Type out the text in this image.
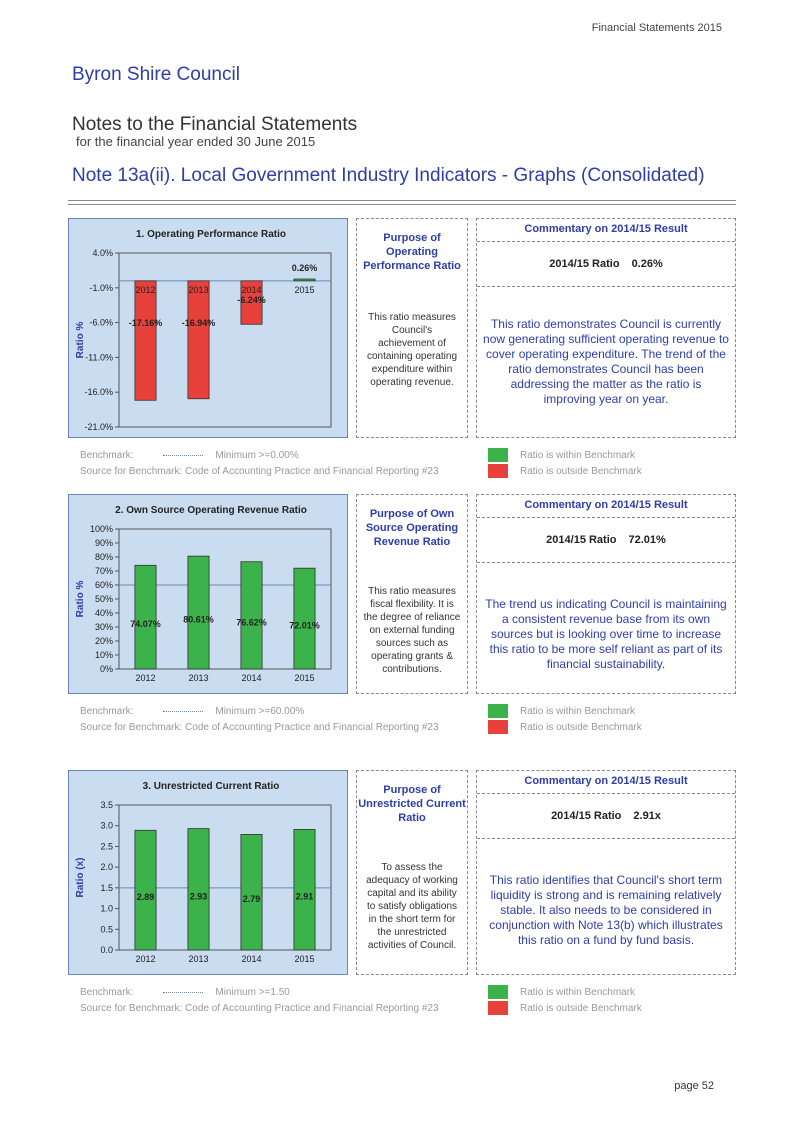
Financial Statements 2015
Byron Shire Council
Notes to the Financial Statements
for the financial year ended 30 June 2015
Note 13a(ii). Local Government Industry Indicators - Graphs (Consolidated)
1. Operating Performance Ratio
4.0%
-1.0%
-6.0%
-11.0%
-16.0%
-21.0%
Ratio %
2012
-17.16%
2013
-16.94%
2014
-6.24%
2015
0.26%
Purpose of Operating Performance Ratio
This ratio measures Council's achievement of containing operating expenditure within operating revenue.
Commentary on 2014/15 Result
2014/15 Ratio 0.26%
This ratio demonstrates Council is currently now generating sufficient operating revenue to cover operating expenditure. The trend of the ratio demonstrates Council has been addressing the matter as the ratio is improving year on year.
Benchmark:	Minimum >=0.00%
Source for Benchmark: Code of Accounting Practice and Financial Reporting #23
Ratio is within Benchmark
Ratio is outside Benchmark
2. Own Source Operating Revenue Ratio
100%
90%
80%
70%
60%
50%
40%
30%
20%
10%
0%
Ratio %
2012
74.07%
2013
80.61%
2014
76.62%
2015
72.01%
Purpose of Own Source Operating Revenue Ratio
This ratio measures fiscal flexibility. It is the degree of reliance on external funding sources such as operating grants & contributions.
Commentary on 2014/15 Result
2014/15 Ratio 72.01%
The trend us indicating Council is maintaining a consistent revenue base from its own sources but is looking over time to increase this ratio to be more self reliant as part of its financial sustainability.
Benchmark:	Minimum >=60.00%
Source for Benchmark: Code of Accounting Practice and Financial Reporting #23
Ratio is within Benchmark
Ratio is outside Benchmark
3. Unrestricted Current Ratio
3.5
3.0
2.5
2.0
1.5
1.0
0.5
0.0
Ratio (x)
2012
2.89
2013
2.93
2014
2.79
2015
2.91
Purpose of Unrestricted Current Ratio
To assess the adequacy of working capital and its ability to satisfy obligations in the short term for the unrestricted activities of Council.
Commentary on 2014/15 Result
2014/15 Ratio 2.91x
This ratio identifies that Council's short term liquidity is strong and is remaining relatively stable. It also needs to be considered in conjunction with Note 13(b) which illustrates this ratio on a fund by fund basis.
Benchmark:	Minimum >=1.50
Source for Benchmark: Code of Accounting Practice and Financial Reporting #23
Ratio is within Benchmark
Ratio is outside Benchmark
page 52
